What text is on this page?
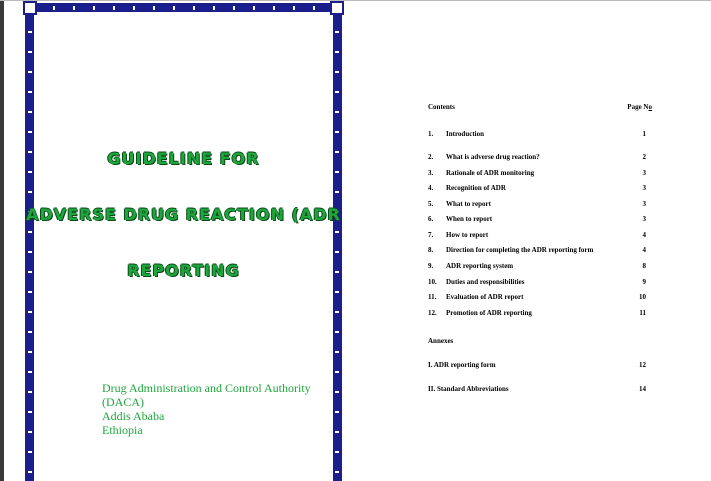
GUIDELINE FOR
ADVERSE DRUG REACTION (ADR
REPORTING
Drug Administration and Control Authority
(DACA)
Addis Ababa
Ethiopia
Contents	Page No
1.	Introduction	1
2.	What is adverse drug reaction?	2
3.	Rationale of ADR monitoring	3
4.	Recognition of ADR	3
5.	What to report	3
6.	When to report	3
7.	How to report	4
8.	Direction for completing the ADR reporting form	4
9.	ADR reporting system	8
10.	Duties and responsibilities	9
11.	Evaluation of ADR report	10
12.	Promotion of ADR reporting	11
Annexes
I. ADR reporting form	12
II. Standard Abbreviations	14
